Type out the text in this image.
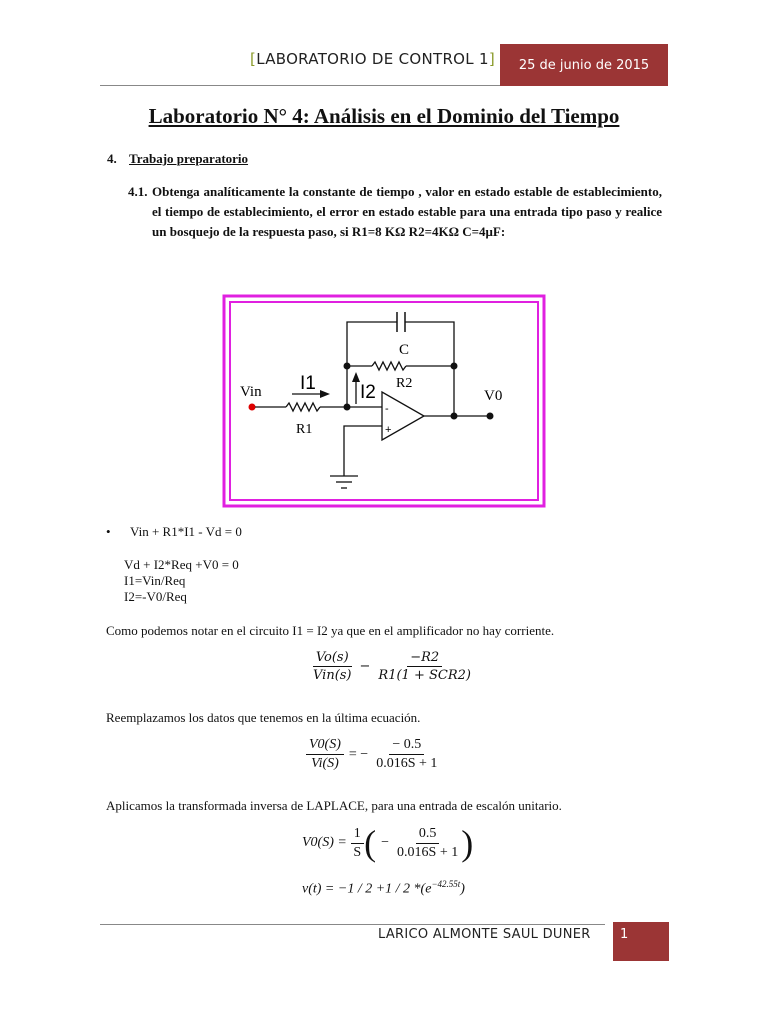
[LABORATORIO DE CONTROL 1]	25 de junio de 2015
Laboratorio N° 4: Análisis en el Dominio del Tiempo
4. Trabajo preparatorio
4.1. Obtenga analíticamente la constante de tiempo , valor en estado estable de establecimiento, el tiempo de establecimiento, el error en estado estable para una entrada tipo paso y realice un bosquejo de la respuesta paso, si R1=8 KΩ R2=4KΩ C=4μF:
Vin I1 I2
C
R2
R1
V0
-
+
• Vin + R1*I1 - Vd = 0
Vd + I2*Req +V0 = 0
I1=Vin/Req
I2=-V0/Req
Como podemos notar en el circuito I1 = I2 ya que en el amplificador no hay corriente.
$\frac{Vo(s)}{\text{Vin(s)}} - \frac{-R2}{\text{R1(1 + SCR2)}}$
Reemplazamos los datos que tenemos en la última ecuación.
$\frac{V0(S)}{Vi(S)}$ = − $\frac{- 0.5}{0.016S + 1}$
Aplicamos la transformada inversa de LAPLACE, para una entrada de escalón unitario.
$V0(S) = \frac{1}{S}$ ( − $\frac{0.5}{0.016S + 1}$ )
v(t) = −1 / 2 +1 / 2 $*(e^{-42.55t})$
LARICO ALMONTE SAUL DUNER 1
